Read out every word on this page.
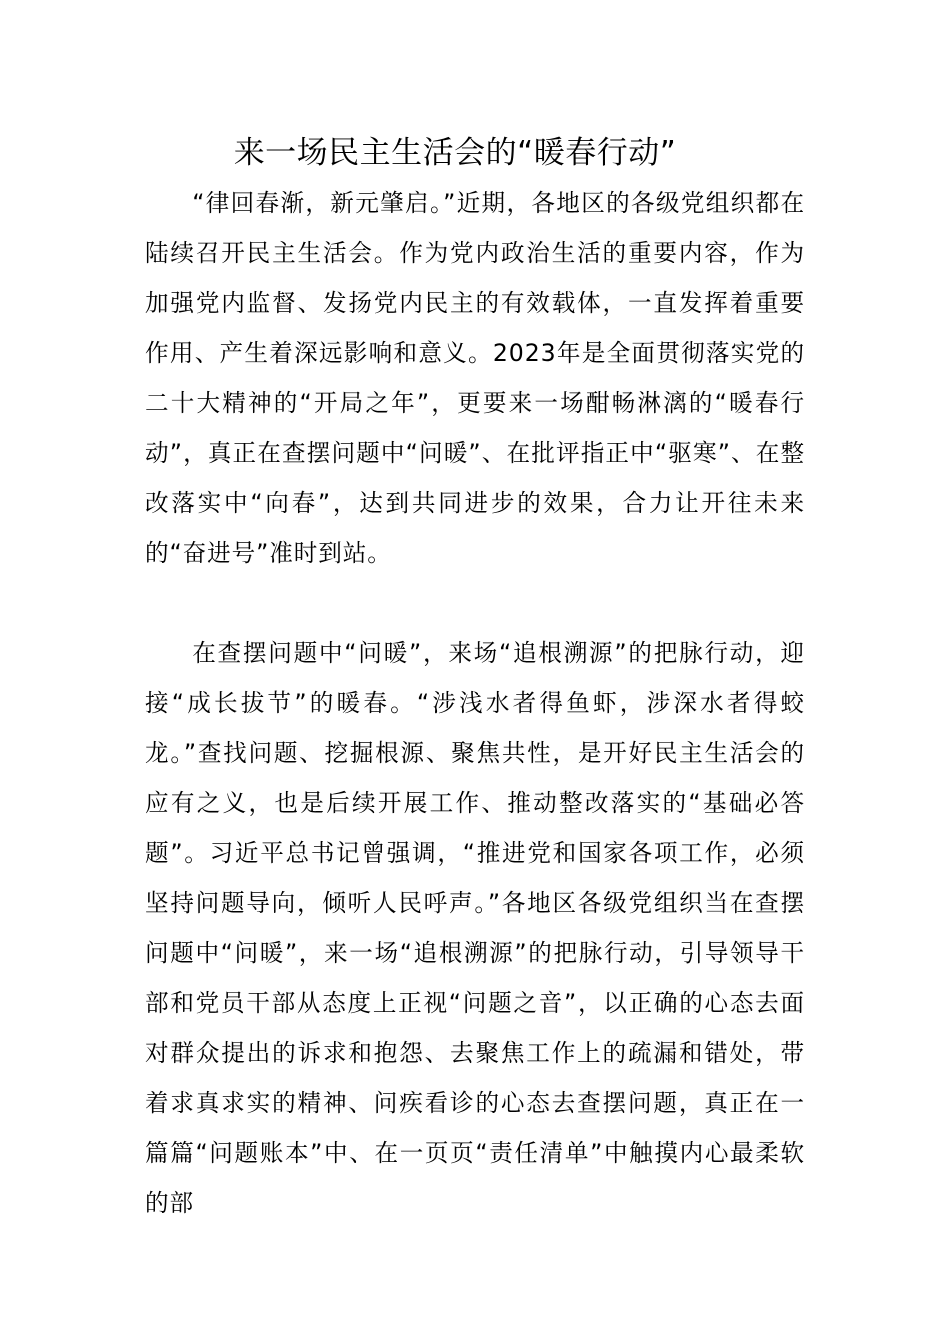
来一场民主生活会的“暖春行动”

“律回春渐，新元肇启。”近期，各地区的各级党组织都在陆续召开民主生活会。作为党内政治生活的重要内容，作为加强党内监督、发扬党内民主的有效载体，一直发挥着重要作用、产生着深远影响和意义。2023年是全面贯彻落实党的二十大精神的“开局之年”，更要来一场酣畅淋漓的“暖春行动”，真正在查摆问题中“问暖”、在批评指正中“驱寒”、在整改落实中“向春”，达到共同进步的效果，合力让开往未来的“奋进号”准时到站。

在查摆问题中“问暖”，来场“追根溯源”的把脉行动，迎接“成长拔节”的暖春。“涉浅水者得鱼虾，涉深水者得蛟龙。”查找问题、挖掘根源、聚焦共性，是开好民主生活会的应有之义，也是后续开展工作、推动整改落实的“基础必答题”。习近平总书记曾强调，“推进党和国家各项工作，必须坚持问题导向，倾听人民呼声。”各地区各级党组织当在查摆问题中“问暖”，来一场“追根溯源”的把脉行动，引导领导干部和党员干部从态度上正视“问题之音”，以正确的心态去面对群众提出的诉求和抱怨、去聚焦工作上的疏漏和错处，带着求真求实的精神、问疾看诊的心态去查摆问题，真正在一篇篇“问题账本”中、在一页页“责任清单”中触摸内心最柔软的部
